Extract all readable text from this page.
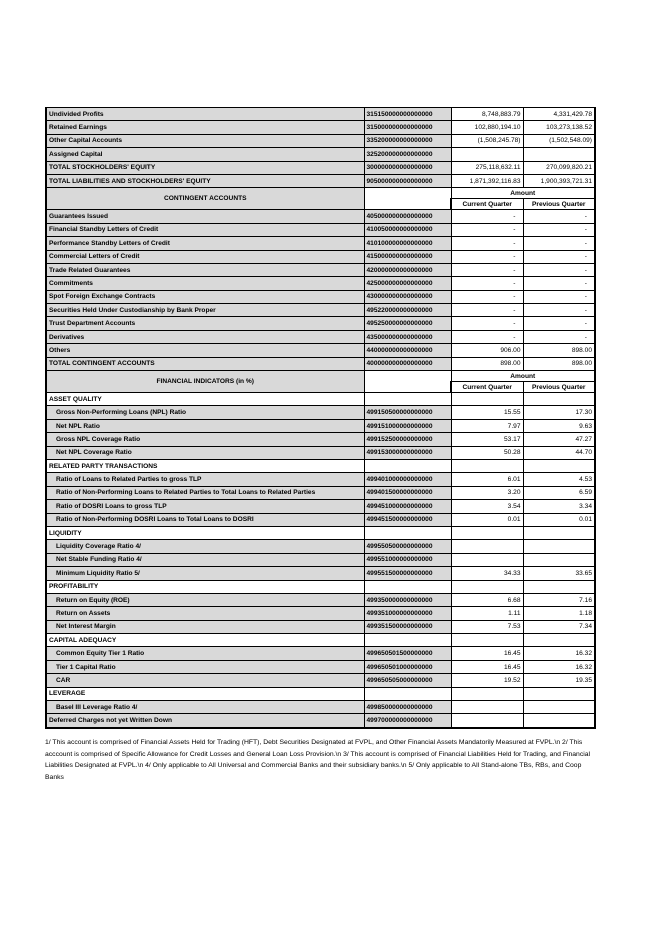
Undivided Profits	315150000000000000	8,748,883.79	4,331,429.78
Retained Earnings	315000000000000000	102,880,194.10	103,273,138.52
Other Capital Accounts	335200000000000000	(1,508,245.78)	(1,502,548.09)
Assigned Capital	325200000000000000		
TOTAL STOCKHOLDERS' EQUITY	300000000000000000	275,118,632.11	270,099,820.21
TOTAL LIABILITIES AND STOCKHOLDERS' EQUITY	905000000000000000	1,871,392,116.83	1,900,393,721.31
CONTINGENT ACCOUNTS		Amount	
		Current Quarter	Previous Quarter
Guarantees Issued	405000000000000000	-	-
Financial Standby Letters of Credit	410050000000000000	-	-
Performance Standby Letters of Credit	410100000000000000	-	-
Commercial Letters of Credit	415000000000000000	-	-
Trade Related Guarantees	420000000000000000	-	-
Commitments	425000000000000000	-	-
Spot Foreign Exchange Contracts	430000000000000000	-	-
Securities Held Under Custodianship by Bank Proper	495220000000000000	-	-
Trust Department Accounts	495250000000000000	-	-
Derivatives	435000000000000000	-	-
Others	440000000000000000	906.00	898.00
TOTAL CONTINGENT ACCOUNTS	400000000000000000	898.00	898.00
FINANCIAL INDICATORS (in %)		Amount	
		Current Quarter	Previous Quarter
ASSET QUALITY			
Gross Non-Performing Loans (NPL) Ratio	499150500000000000	15.55	17.30
Net NPL Ratio	499151000000000000	7.97	9.63
Gross NPL Coverage Ratio	499152500000000000	53.17	47.27
Net NPL Coverage Ratio	499153000000000000	50.28	44.70
RELATED PARTY TRANSACTIONS			
Ratio of Loans to Related Parties to gross TLP	499401000000000000	6.01	4.53
Ratio of Non-Performing Loans to Related Parties to Total Loans to Related Parties	499401500000000000	3.20	6.59
Ratio of DOSRI Loans to gross TLP	499451000000000000	3.54	3.34
Ratio of Non-Performing DOSRI Loans to Total Loans to DOSRI	499451500000000000	0.01	0.01
LIQUIDITY			
Liquidity Coverage Ratio 4/	499550500000000000		
Net Stable Funding Ratio 4/	499551000000000000		
Minimum Liquidity Ratio 5/	499551500000000000	34.33	33.65
PROFITABILITY			
Return on Equity (ROE)	499350000000000000	6.68	7.16
Return on Assets	499351000000000000	1.11	1.18
Net Interest Margin	499351500000000000	7.53	7.34
CAPITAL ADEQUACY			
Common Equity Tier 1 Ratio	499650501500000000	16.45	16.32
Tier 1 Capital Ratio	499650501000000000	16.45	16.32
CAR	499650505000000000	19.52	19.35
LEVERAGE			
Basel III Leverage Ratio 4/	499850000000000000		
Deferred Charges not yet Written Down	499700000000000000		
1/ This account is comprised of Financial Assets Held for Trading (HFT), Debt Securities Designated at FVPL, and Other Financial Assets Mandatorily Measured at FVPL.\n 2/ This acccount is comprised of Specific Allowance for Credit Losses and General Loan Loss Provision.\n 3/ This account is comprised of Financial Liabilities Held for Trading, and Financial Liabilities Designated at FVPL.\n 4/ Only applicable to All Universal and Commercial Banks and their subsidiary banks.\n 5/ Only applicable to All Stand-alone TBs, RBs, and Coop Banks
